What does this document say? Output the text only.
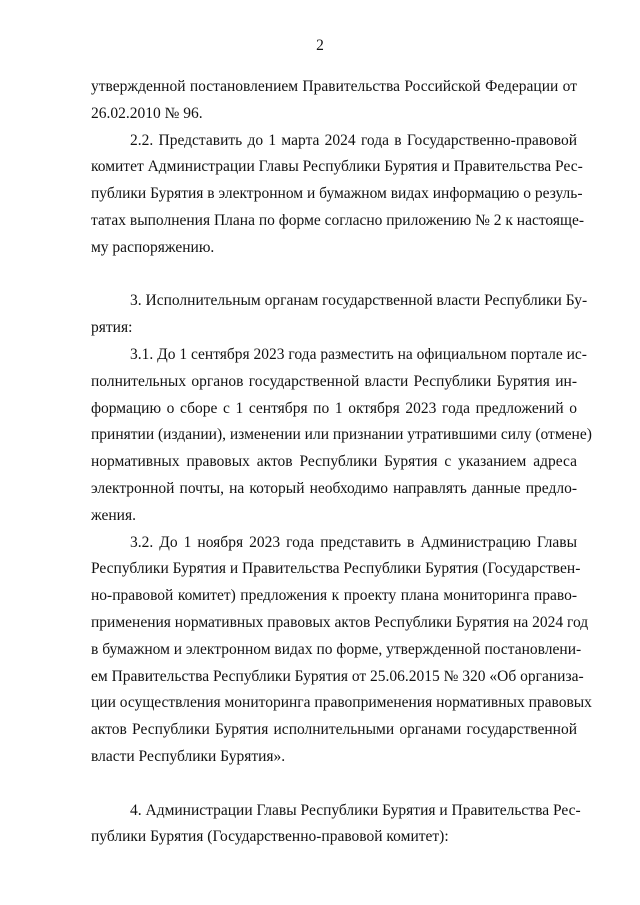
2

утвержденной постановлением Правительства Российской Федерации от
26.02.2010 № 96.

2.2. Представить до 1 марта 2024 года в Государственно-правовой
комитет Администрации Главы Республики Бурятия и Правительства Рес-
публики Бурятия в электронном и бумажном видах информацию о резуль-
татах выполнения Плана по форме согласно приложению № 2 к настояще-
му распоряжению.

3. Исполнительным органам государственной власти Республики Бу-
рятия:

3.1. До 1 сентября 2023 года разместить на официальном портале ис-
полнительных органов государственной власти Республики Бурятия ин-
формацию о сборе с 1 сентября по 1 октября 2023 года предложений о
принятии (издании), изменении или признании утратившими силу (отмене)
нормативных правовых актов Республики Бурятия с указанием адреса
электронной почты, на который необходимо направлять данные предло-
жения.

3.2. До 1 ноября 2023 года представить в Администрацию Главы
Республики Бурятия и Правительства Республики Бурятия (Государствен-
но-правовой комитет) предложения к проекту плана мониторинга право-
применения нормативных правовых актов Республики Бурятия на 2024 год
в бумажном и электронном видах по форме, утвержденной постановлени-
ем Правительства Республики Бурятия от 25.06.2015 № 320 «Об организа-
ции осуществления мониторинга правоприменения нормативных правовых
актов Республики Бурятия исполнительными органами государственной
власти Республики Бурятия».

4. Администрации Главы Республики Бурятия и Правительства Рес-
публики Бурятия (Государственно-правовой комитет):
